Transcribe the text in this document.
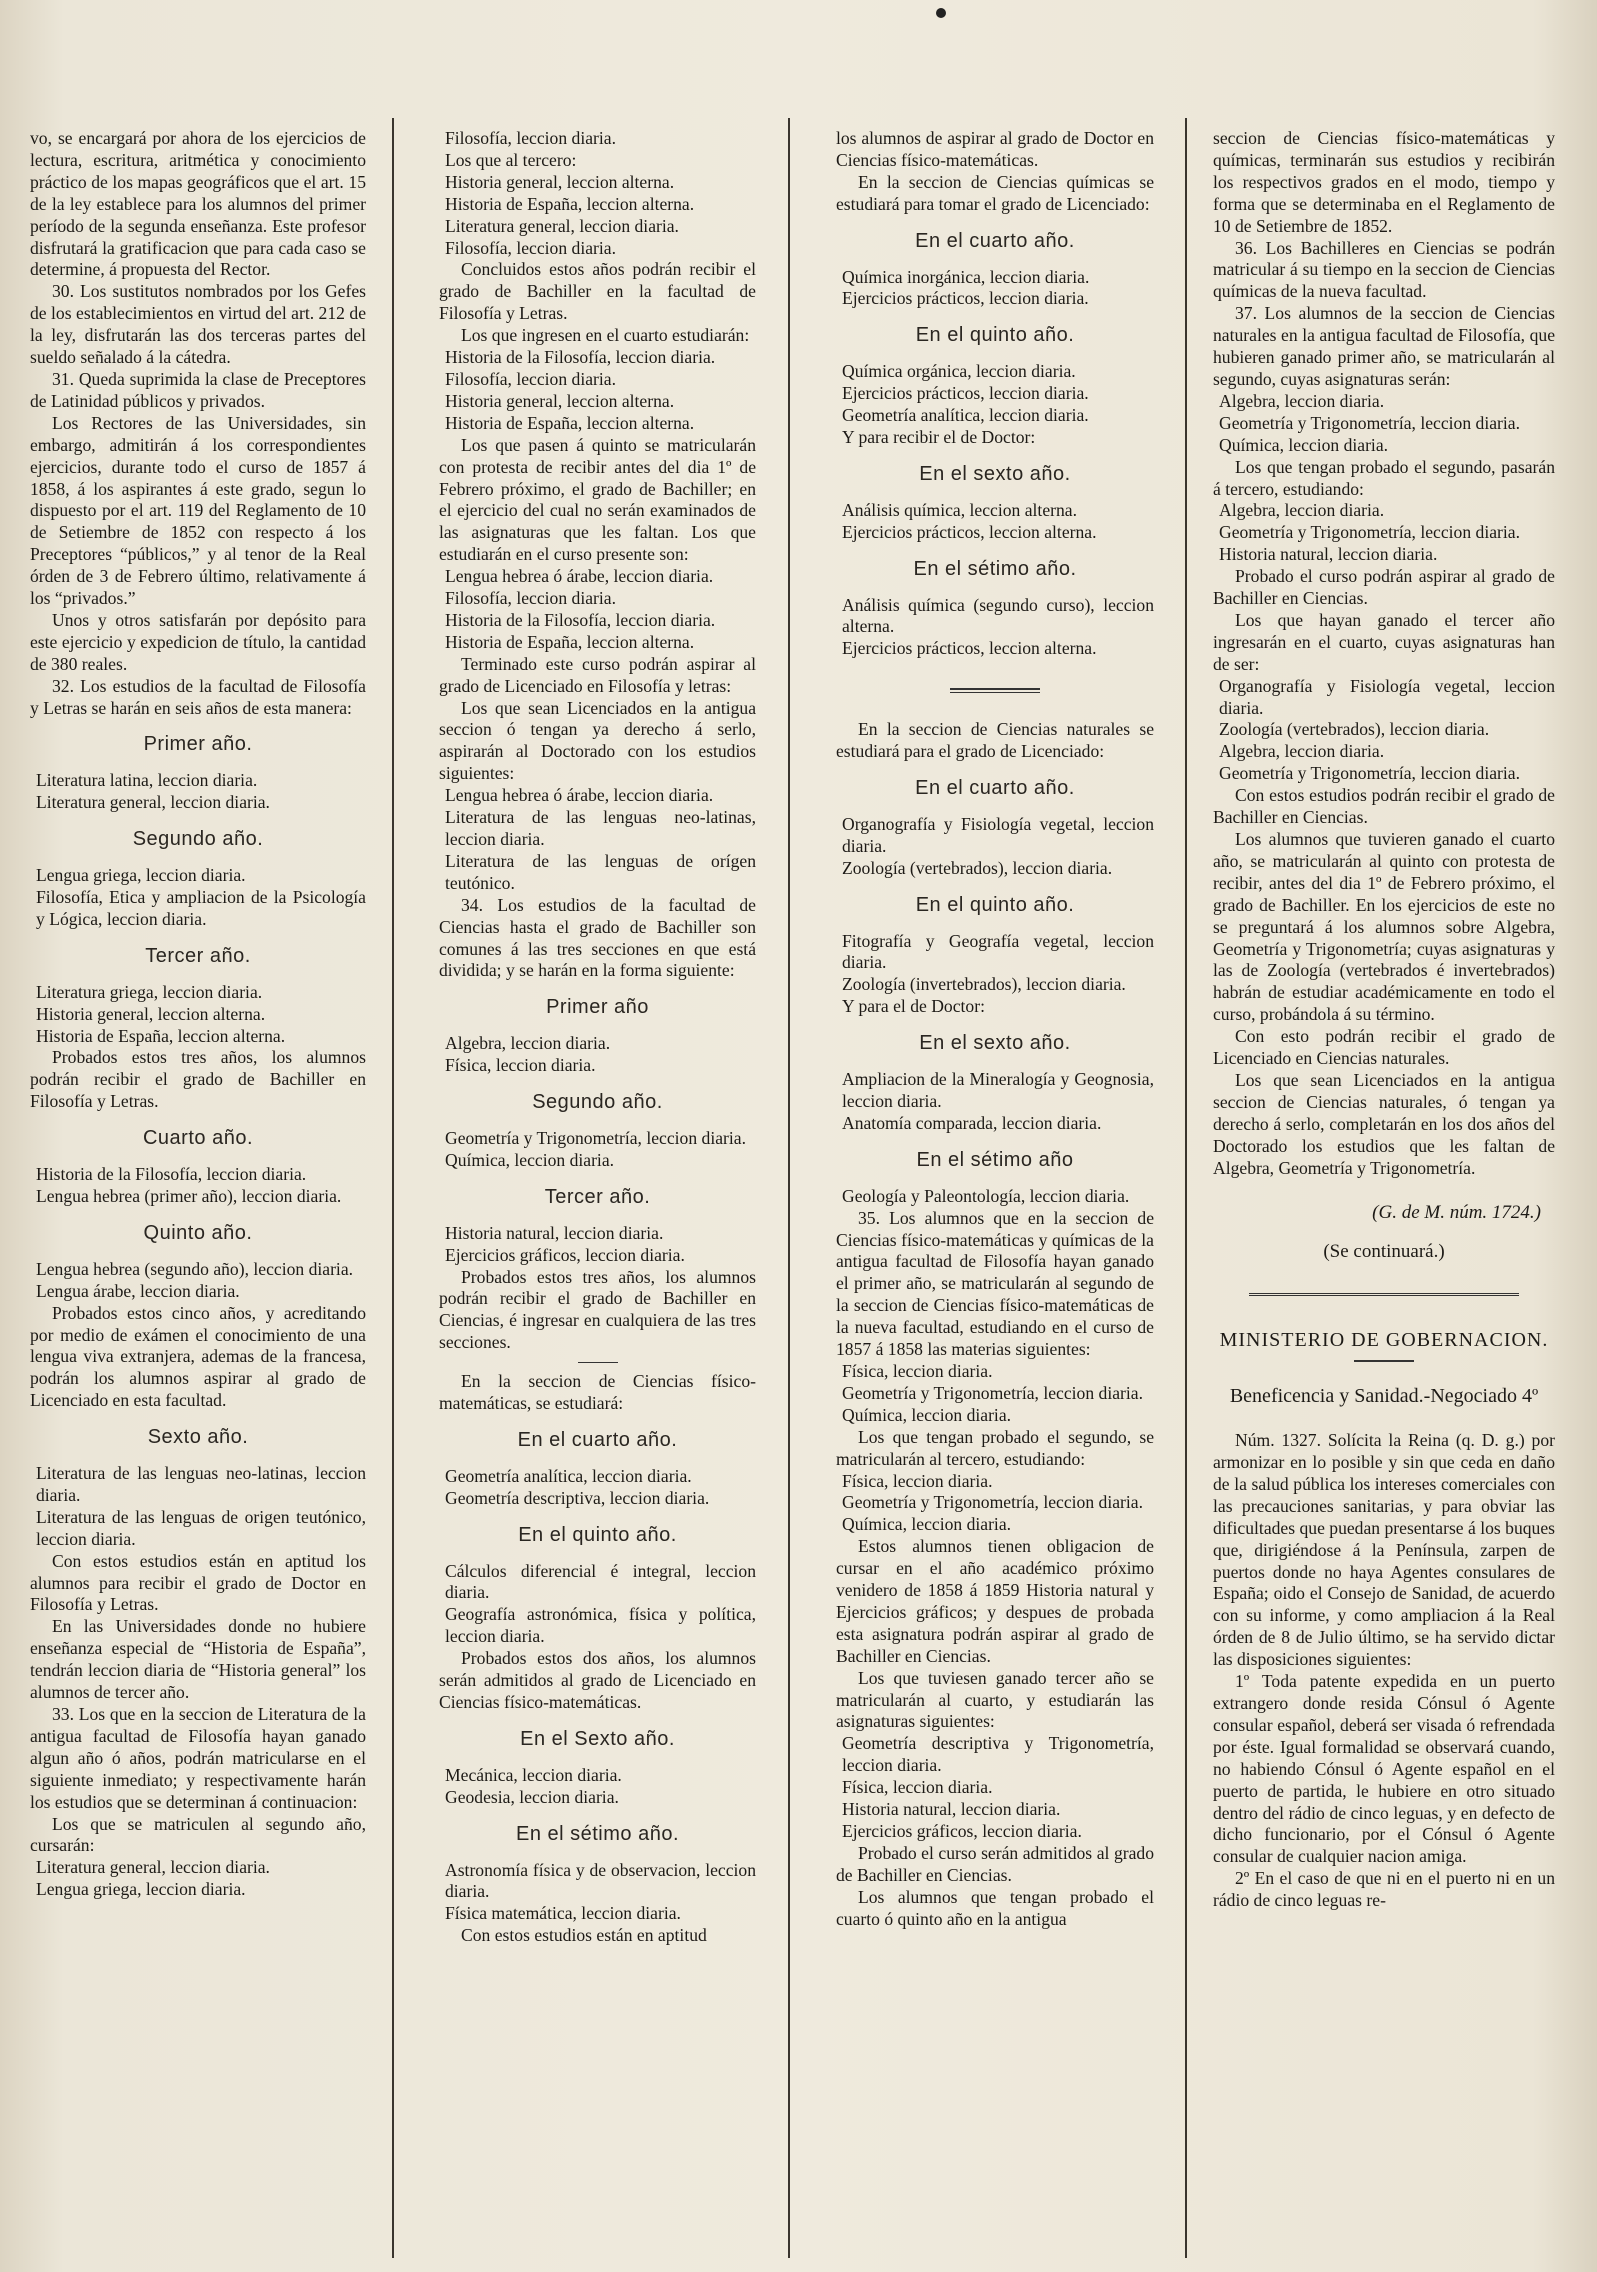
vo, se encargará por ahora de los ejercicios de lectura, escritura, aritmética y conocimiento práctico de los mapas geográficos que el art. 15 de la ley establece para los alumnos del primer período de la segunda enseñanza. Este profesor disfrutará la gratificacion que para cada caso se determine, á propuesta del Rector.

30. Los sustitutos nombrados por los Gefes de los establecimientos en virtud del art. 212 de la ley, disfrutarán las dos terceras partes del sueldo señalado á la cátedra.

31. Queda suprimida la clase de Preceptores de Latinidad públicos y privados.

Los Rectores de las Universidades, sin embargo, admitirán á los correspondientes ejercicios, durante todo el curso de 1857 á 1858, á los aspirantes á este grado, segun lo dispuesto por el art. 119 del Reglamento de 10 de Setiembre de 1852 con respecto á los Preceptores “públicos,” y al tenor de la Real órden de 3 de Febrero último, relativamente á los “privados.”

Unos y otros satisfarán por depósito para este ejercicio y expedicion de título, la cantidad de 380 reales.

32. Los estudios de la facultad de Filosofía y Letras se harán en seis años de esta manera:

Primer año.

Literatura latina, leccion diaria.

Literatura general, leccion diaria.

Segundo año.

Lengua griega, leccion diaria.

Filosofía, Etica y ampliacion de la Psicología y Lógica, leccion diaria.

Tercer año.

Literatura griega, leccion diaria.

Historia general, leccion alterna.

Historia de España, leccion alterna.

Probados estos tres años, los alumnos podrán recibir el grado de Bachiller en Filosofía y Letras.

Cuarto año.

Historia de la Filosofía, leccion diaria.

Lengua hebrea (primer año), leccion diaria.

Quinto año.

Lengua hebrea (segundo año), leccion diaria.

Lengua árabe, leccion diaria.

Probados estos cinco años, y acreditando por medio de exámen el conocimiento de una lengua viva extranjera, ademas de la francesa, podrán los alumnos aspirar al grado de Licenciado en esta facultad.

Sexto año.

Literatura de las lenguas neo-latinas, leccion diaria.

Literatura de las lenguas de origen teutónico, leccion diaria.

Con estos estudios están en aptitud los alumnos para recibir el grado de Doctor en Filosofía y Letras.

En las Universidades donde no hubiere enseñanza especial de “Historia de España”, tendrán leccion diaria de “Historia general” los alumnos de tercer año.

33. Los que en la seccion de Literatura de la antigua facultad de Filosofía hayan ganado algun año ó años, podrán matricularse en el siguiente inmediato; y respectivamente harán los estudios que se determinan á continuacion:

Los que se matriculen al segundo año, cursarán:

Literatura general, leccion diaria.

Lengua griega, leccion diaria.

Filosofía, leccion diaria.

Los que al tercero:

Historia general, leccion alterna.

Historia de España, leccion alterna.

Literatura general, leccion diaria.

Filosofía, leccion diaria.

Concluidos estos años podrán recibir el grado de Bachiller en la facultad de Filosofía y Letras.

Los que ingresen en el cuarto estudiarán:

Historia de la Filosofía, leccion diaria.

Filosofía, leccion diaria.

Historia general, leccion alterna.

Historia de España, leccion alterna.

Los que pasen á quinto se matricularán con protesta de recibir antes del dia 1º de Febrero próximo, el grado de Bachiller; en el ejercicio del cual no serán examinados de las asignaturas que les faltan. Los que estudiarán en el curso presente son:

Lengua hebrea ó árabe, leccion diaria.

Filosofía, leccion diaria.

Historia de la Filosofía, leccion diaria.

Historia de España, leccion alterna.

Terminado este curso podrán aspirar al grado de Licenciado en Filosofía y letras:

Los que sean Licenciados en la antigua seccion ó tengan ya derecho á serlo, aspirarán al Doctorado con los estudios siguientes:

Lengua hebrea ó árabe, leccion diaria.

Literatura de las lenguas neo-latinas, leccion diaria.

Literatura de las lenguas de orígen teutónico.

34. Los estudios de la facultad de Ciencias hasta el grado de Bachiller son comunes á las tres secciones en que está dividida; y se harán en la forma siguiente:

Primer año

Algebra, leccion diaria.

Física, leccion diaria.

Segundo año.

Geometría y Trigonometría, leccion diaria.

Química, leccion diaria.

Tercer año.

Historia natural, leccion diaria.

Ejercicios gráficos, leccion diaria.

Probados estos tres años, los alumnos podrán recibir el grado de Bachiller en Ciencias, é ingresar en cualquiera de las tres secciones.

En la seccion de Ciencias físico-matemáticas, se estudiará:

En el cuarto año.

Geometría analítica, leccion diaria.

Geometría descriptiva, leccion diaria.

En el quinto año.

Cálculos diferencial é integral, leccion diaria.

Geografía astronómica, física y política, leccion diaria.

Probados estos dos años, los alumnos serán admitidos al grado de Licenciado en Ciencias físico-matemáticas.

En el Sexto año.

Mecánica, leccion diaria.

Geodesia, leccion diaria.

En el sétimo año.

Astronomía física y de observacion, leccion diaria.

Física matemática, leccion diaria.

Con estos estudios están en aptitud

los alumnos de aspirar al grado de Doctor en Ciencias físico-matemáticas.

En la seccion de Ciencias químicas se estudiará para tomar el grado de Licenciado:

En el cuarto año.

Química inorgánica, leccion diaria.

Ejercicios prácticos, leccion diaria.

En el quinto año.

Química orgánica, leccion diaria.

Ejercicios prácticos, leccion diaria.

Geometría analítica, leccion diaria.

Y para recibir el de Doctor:

En el sexto año.

Análisis química, leccion alterna.

Ejercicios prácticos, leccion alterna.

En el sétimo año.

Análisis química (segundo curso), leccion alterna.

Ejercicios prácticos, leccion alterna.

En la seccion de Ciencias naturales se estudiará para el grado de Licenciado:

En el cuarto año.

Organografía y Fisiología vegetal, leccion diaria.

Zoología (vertebrados), leccion diaria.

En el quinto año.

Fitografía y Geografía vegetal, leccion diaria.

Zoología (invertebrados), leccion diaria.

Y para el de Doctor:

En el sexto año.

Ampliacion de la Mineralogía y Geognosia, leccion diaria.

Anatomía comparada, leccion diaria.

En el sétimo año

Geología y Paleontología, leccion diaria.

35. Los alumnos que en la seccion de Ciencias físico-matemáticas y químicas de la antigua facultad de Filosofía hayan ganado el primer año, se matricularán al segundo de la seccion de Ciencias físico-matemáticas de la nueva facultad, estudiando en el curso de 1857 á 1858 las materias siguientes:

Física, leccion diaria.

Geometría y Trigonometría, leccion diaria.

Química, leccion diaria.

Los que tengan probado el segundo, se matricularán al tercero, estudiando:

Física, leccion diaria.

Geometría y Trigonometría, leccion diaria.

Química, leccion diaria.

Estos alumnos tienen obligacion de cursar en el año académico próximo venidero de 1858 á 1859 Historia natural y Ejercicios gráficos; y despues de probada esta asignatura podrán aspirar al grado de Bachiller en Ciencias.

Los que tuviesen ganado tercer año se matricularán al cuarto, y estudiarán las asignaturas siguientes:

Geometría descriptiva y Trigonometría, leccion diaria.

Física, leccion diaria.

Historia natural, leccion diaria.

Ejercicios gráficos, leccion diaria.

Probado el curso serán admitidos al grado de Bachiller en Ciencias.

Los alumnos que tengan probado el cuarto ó quinto año en la antigua

seccion de Ciencias físico-matemáticas y químicas, terminarán sus estudios y recibirán los respectivos grados en el modo, tiempo y forma que se determinaba en el Reglamento de 10 de Setiembre de 1852.

36. Los Bachilleres en Ciencias se podrán matricular á su tiempo en la seccion de Ciencias químicas de la nueva facultad.

37. Los alumnos de la seccion de Ciencias naturales en la antigua facultad de Filosofía, que hubieren ganado primer año, se matricularán al segundo, cuyas asignaturas serán:

Algebra, leccion diaria.

Geometría y Trigonometría, leccion diaria.

Química, leccion diaria.

Los que tengan probado el segundo, pasarán á tercero, estudiando:

Algebra, leccion diaria.

Geometría y Trigonometría, leccion diaria.

Historia natural, leccion diaria.

Probado el curso podrán aspirar al grado de Bachiller en Ciencias.

Los que hayan ganado el tercer año ingresarán en el cuarto, cuyas asignaturas han de ser:

Organografía y Fisiología vegetal, leccion diaria.

Zoología (vertebrados), leccion diaria.

Algebra, leccion diaria.

Geometría y Trigonometría, leccion diaria.

Con estos estudios podrán recibir el grado de Bachiller en Ciencias.

Los alumnos que tuvieren ganado el cuarto año, se matricularán al quinto con protesta de recibir, antes del dia 1º de Febrero próximo, el grado de Bachiller. En los ejercicios de este no se preguntará á los alumnos sobre Algebra, Geometría y Trigonometría; cuyas asignaturas y las de Zoología (vertebrados é invertebrados) habrán de estudiar académicamente en todo el curso, probándola á su término.

Con esto podrán recibir el grado de Licenciado en Ciencias naturales.

Los que sean Licenciados en la antigua seccion de Ciencias naturales, ó tengan ya derecho á serlo, completarán en los dos años del Doctorado los estudios que les faltan de Algebra, Geometría y Trigonometría.

(G. de M. núm. 1724.)
(Se continuará.)
MINISTERIO DE GOBERNACION.
Beneficencia y Sanidad.-Negociado 4º

Núm. 1327. Solícita la Reina (q. D. g.) por armonizar en lo posible y sin que ceda en daño de la salud pública los intereses comerciales con las precauciones sanitarias, y para obviar las dificultades que puedan presentarse á los buques que, dirigiéndose á la Península, zarpen de puertos donde no haya Agentes consulares de España; oido el Consejo de Sanidad, de acuerdo con su informe, y como ampliacion á la Real órden de 8 de Julio último, se ha servido dictar las disposiciones siguientes:

1º Toda patente expedida en un puerto extrangero donde resida Cónsul ó Agente consular español, deberá ser visada ó refrendada por éste. Igual formalidad se observará cuando, no habiendo Cónsul ó Agente español en el puerto de partida, le hubiere en otro situado dentro del rádio de cinco leguas, y en defecto de dicho funcionario, por el Cónsul ó Agente consular de cualquier nacion amiga.

2º En el caso de que ni en el puerto ni en un rádio de cinco leguas re-
